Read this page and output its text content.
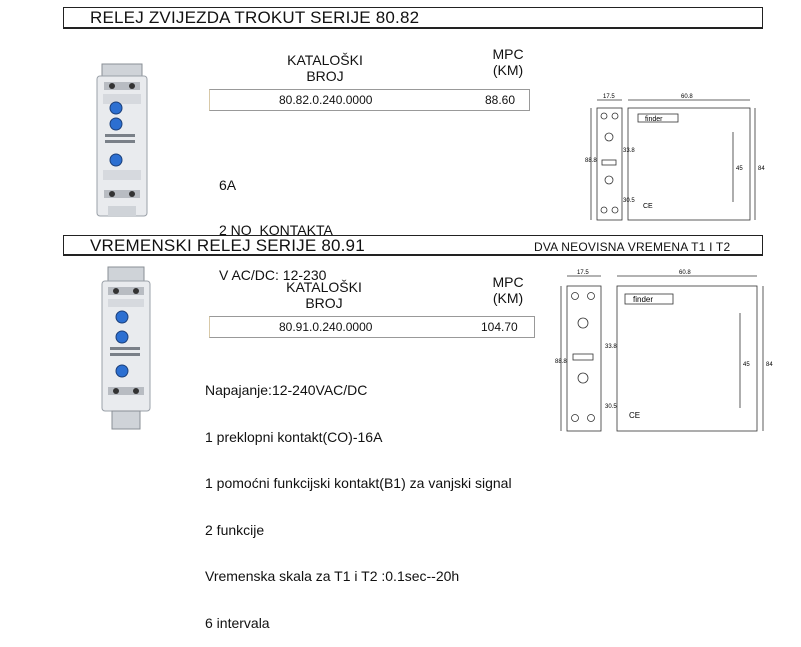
RELEJ ZVIJEZDA TROKUT SERIJE 80.82
KATALOŠKI
BROJ
MPC
(KM)
80.82.0.240.0000	88.60

6A

2 NO  KONTAKTA

V AC/DC: 12-230

17.5	60.8
88.8
33.8
45	84
30.5
finder
CE
VREMENSKI RELEJ SERIJE 80.91	DVA NEOVISNA VREMENA T1 I T2
KATALOŠKI
BROJ
MPC
(KM)
80.91.0.240.0000	104.70

Napajanje:12-240VAC/DC

1 preklopni kontakt(CO)-16A

1 pomoćni funkcijski kontakt(B1) za vanjski signal

2 funkcije

Vremenska skala za T1 i T2 :0.1sec--20h

6 intervala

17.5	60.8
88.8
33.8
45	84
30.5
finder
CE
